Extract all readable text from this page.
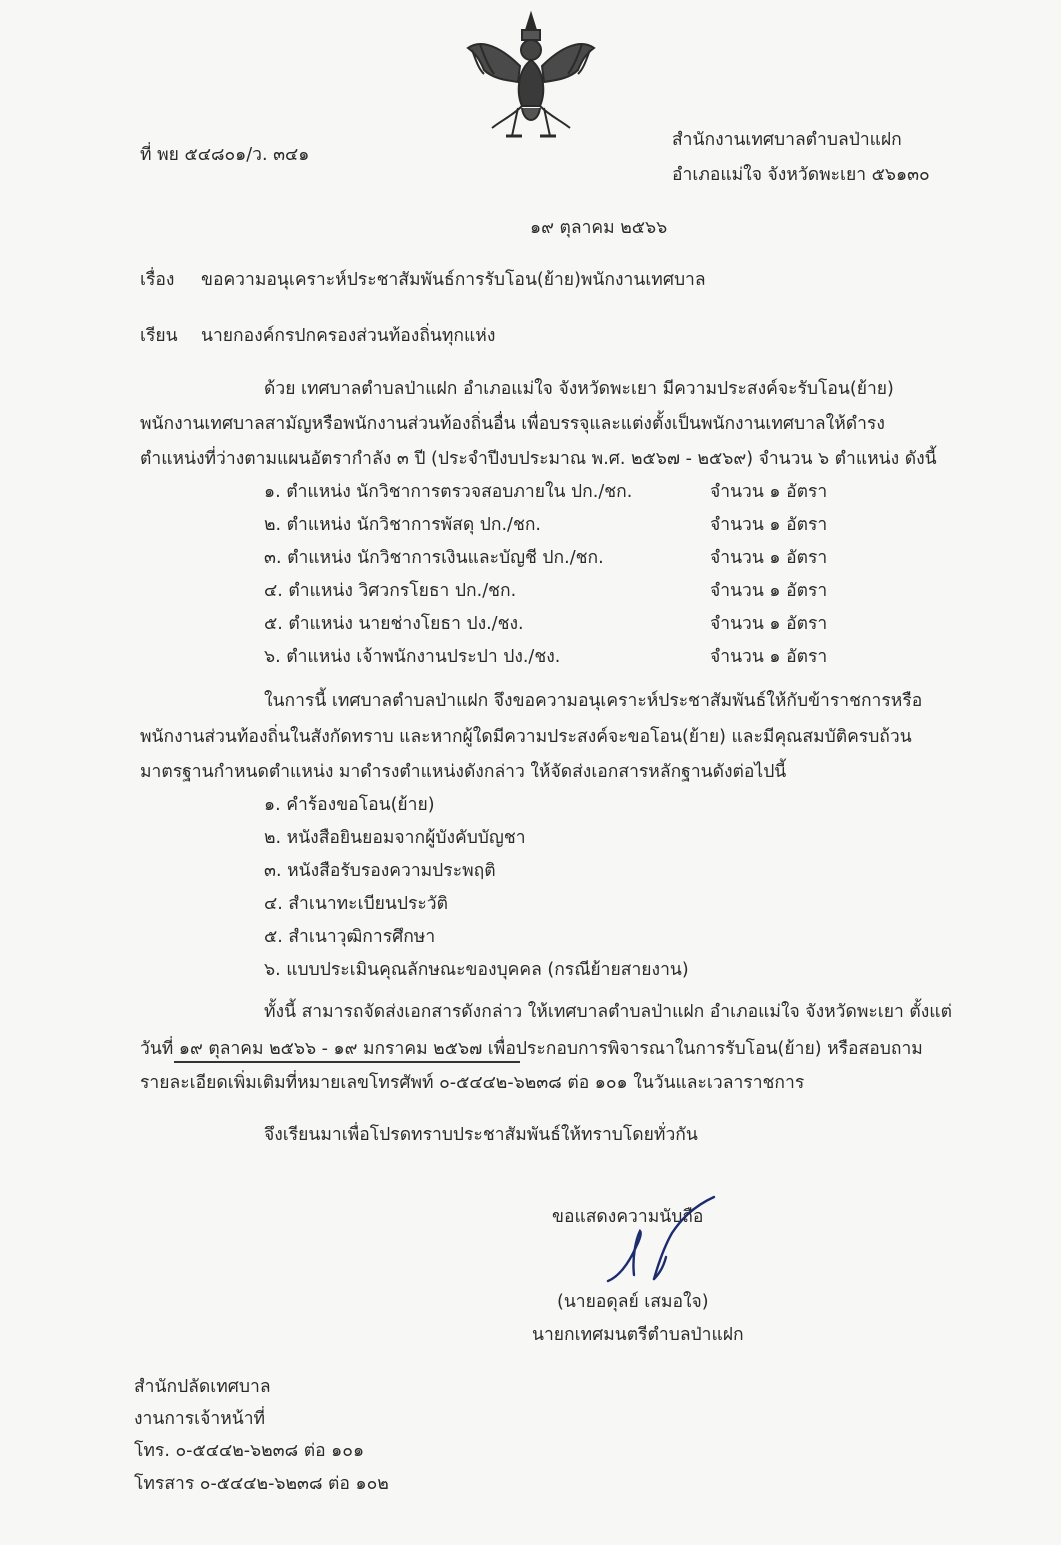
ที่ พย ๕๔๘๐๑/ว. ๓๔๑
สำนักงานเทศบาลตำบลป่าแฝก
อำเภอแม่ใจ จังหวัดพะเยา ๕๖๑๓๐
๑๙ ตุลาคม ๒๕๖๖
เรื่อง ขอความอนุเคราะห์ประชาสัมพันธ์การรับโอน(ย้าย)พนักงานเทศบาล
เรียน นายกองค์กรปกครองส่วนท้องถิ่นทุกแห่ง
ด้วย เทศบาลตำบลป่าแฝก อำเภอแม่ใจ จังหวัดพะเยา มีความประสงค์จะรับโอน(ย้าย)
พนักงานเทศบาลสามัญหรือพนักงานส่วนท้องถิ่นอื่น เพื่อบรรจุและแต่งตั้งเป็นพนักงานเทศบาลให้ดำรง
ตำแหน่งที่ว่างตามแผนอัตรากำลัง ๓ ปี (ประจำปีงบประมาณ พ.ศ. ๒๕๖๗ - ๒๕๖๙) จำนวน ๖ ตำแหน่ง ดังนี้
๑. ตำแหน่ง นักวิชาการตรวจสอบภายใน ปก./ชก.	จำนวน ๑ อัตรา
๒. ตำแหน่ง นักวิชาการพัสดุ ปก./ชก.	จำนวน ๑ อัตรา
๓. ตำแหน่ง นักวิชาการเงินและบัญชี ปก./ชก.	จำนวน ๑ อัตรา
๔. ตำแหน่ง วิศวกรโยธา ปก./ชก.	จำนวน ๑ อัตรา
๕. ตำแหน่ง นายช่างโยธา ปง./ชง.	จำนวน ๑ อัตรา
๖. ตำแหน่ง เจ้าพนักงานประปา ปง./ชง.	จำนวน ๑ อัตรา
ในการนี้ เทศบาลตำบลป่าแฝก จึงขอความอนุเคราะห์ประชาสัมพันธ์ให้กับข้าราชการหรือ
พนักงานส่วนท้องถิ่นในสังกัดทราบ และหากผู้ใดมีความประสงค์จะขอโอน(ย้าย) และมีคุณสมบัติครบถ้วน
มาตรฐานกำหนดตำแหน่ง มาดำรงตำแหน่งดังกล่าว ให้จัดส่งเอกสารหลักฐานดังต่อไปนี้
๑. คำร้องขอโอน(ย้าย)
๒. หนังสือยินยอมจากผู้บังคับบัญชา
๓. หนังสือรับรองความประพฤติ
๔. สำเนาทะเบียนประวัติ
๕. สำเนาวุฒิการศึกษา
๖. แบบประเมินคุณลักษณะของบุคคล (กรณีย้ายสายงาน)
ทั้งนี้ สามารถจัดส่งเอกสารดังกล่าว ให้เทศบาลตำบลป่าแฝก อำเภอแม่ใจ จังหวัดพะเยา ตั้งแต่
วันที่ ๑๙ ตุลาคม ๒๕๖๖ - ๑๙ มกราคม ๒๕๖๗ เพื่อประกอบการพิจารณาในการรับโอน(ย้าย) หรือสอบถาม
รายละเอียดเพิ่มเติมที่หมายเลขโทรศัพท์ ๐-๕๔๔๒-๖๒๓๘ ต่อ ๑๐๑ ในวันและเวลาราชการ
จึงเรียนมาเพื่อโปรดทราบประชาสัมพันธ์ให้ทราบโดยทั่วกัน
ขอแสดงความนับถือ
(นายอดุลย์ เสมอใจ)
นายกเทศมนตรีตำบลป่าแฝก
สำนักปลัดเทศบาล
งานการเจ้าหน้าที่
โทร. ๐-๕๔๔๒-๖๒๓๘ ต่อ ๑๐๑
โทรสาร ๐-๕๔๔๒-๖๒๓๘ ต่อ ๑๐๒
